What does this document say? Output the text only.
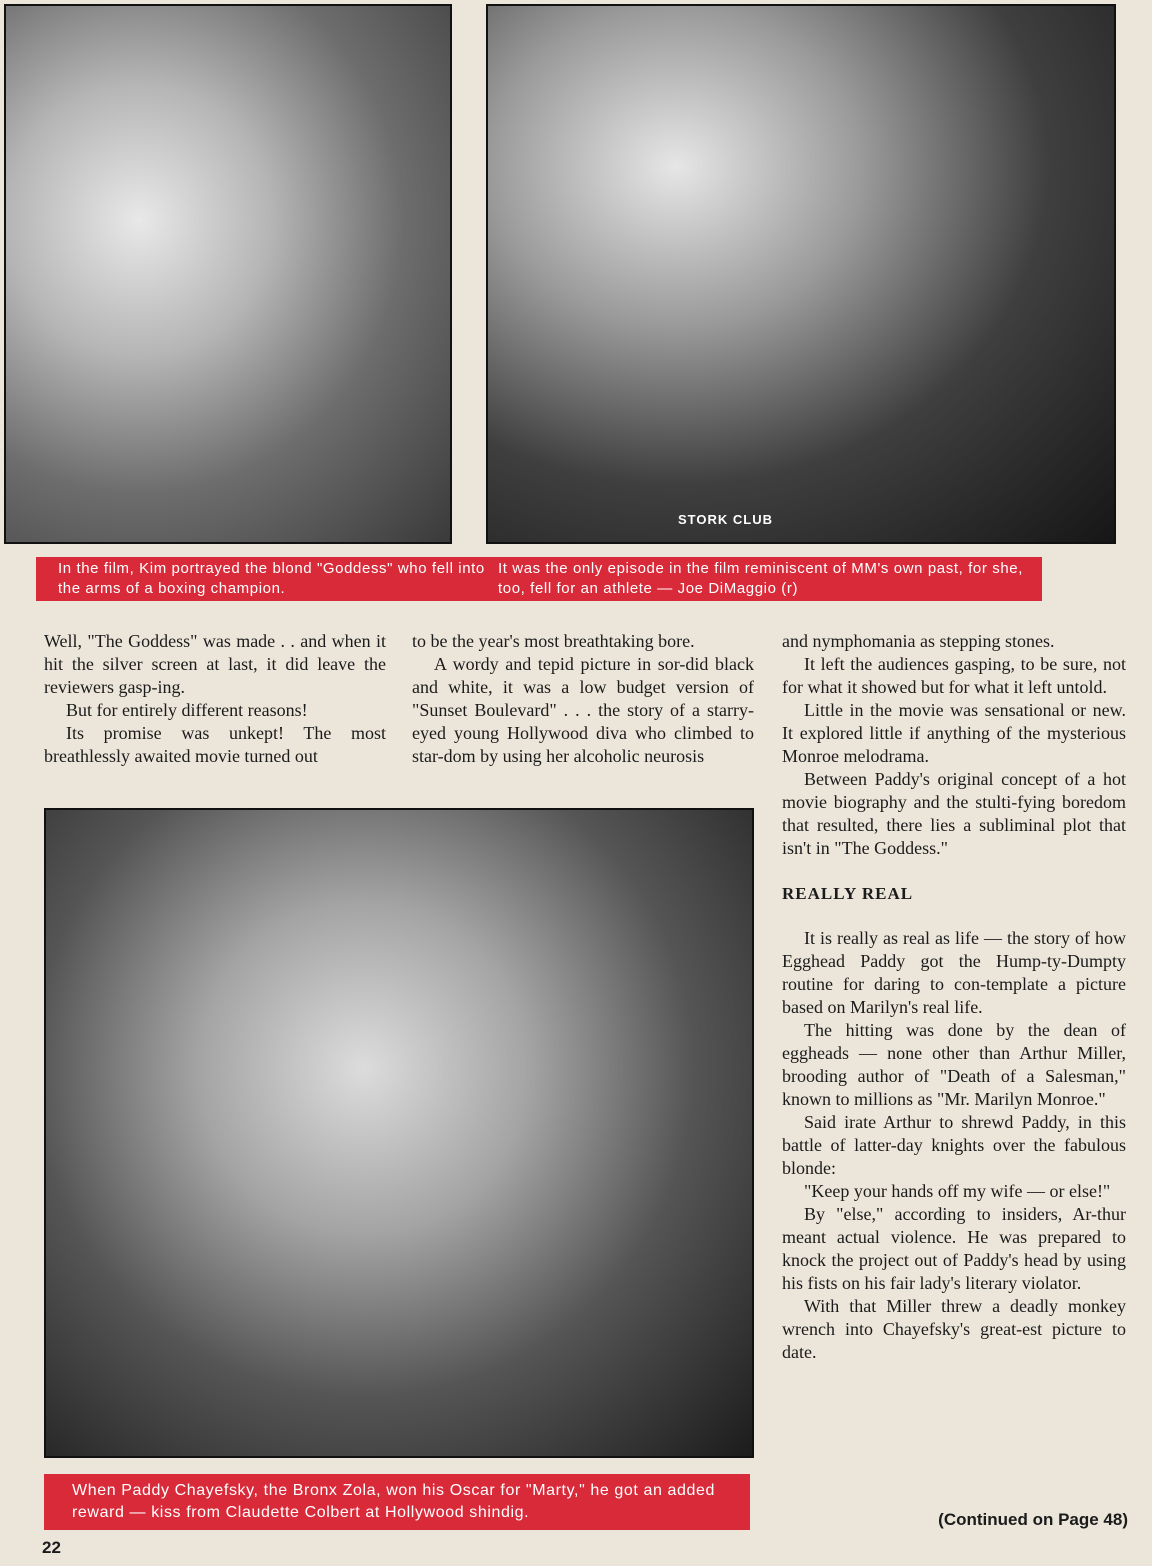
STORK CLUB
In the film, Kim portrayed the blond "Goddess" who fell into the arms of a boxing champion.
It was the only episode in the film reminiscent of MM's own past, for she, too, fell for an athlete — Joe DiMaggio (r)

Well, "The Goddess" was made . . and when it hit the silver screen at last, it did leave the reviewers gasp-ing.

But for entirely different reasons!

Its promise was unkept! The most breathlessly awaited movie turned out

to be the year's most breathtaking bore.

A wordy and tepid picture in sor-did black and white, it was a low budget version of "Sunset Boulevard" . . . the story of a starry-eyed young Hollywood diva who climbed to star-dom by using her alcoholic neurosis

When Paddy Chayefsky, the Bronx Zola, won his Oscar for "Marty," he got an added reward — kiss from Claudette Colbert at Hollywood shindig.

and nymphomania as stepping stones.

It left the audiences gasping, to be sure, not for what it showed but for what it left untold.

Little in the movie was sensational or new. It explored little if anything of the mysterious Monroe melodrama.

Between Paddy's original concept of a hot movie biography and the stulti-fying boredom that resulted, there lies a subliminal plot that isn't in "The Goddess."

REALLY REAL

It is really as real as life — the story of how Egghead Paddy got the Hump-ty-Dumpty routine for daring to con-template a picture based on Marilyn's real life.

The hitting was done by the dean of eggheads — none other than Arthur Miller, brooding author of "Death of a Salesman," known to millions as "Mr. Marilyn Monroe."

Said irate Arthur to shrewd Paddy, in this battle of latter-day knights over the fabulous blonde:

"Keep your hands off my wife — or else!"

By "else," according to insiders, Ar-thur meant actual violence. He was prepared to knock the project out of Paddy's head by using his fists on his fair lady's literary violator.

With that Miller threw a deadly monkey wrench into Chayefsky's great-est picture to date.

(Continued on Page 48)
22
